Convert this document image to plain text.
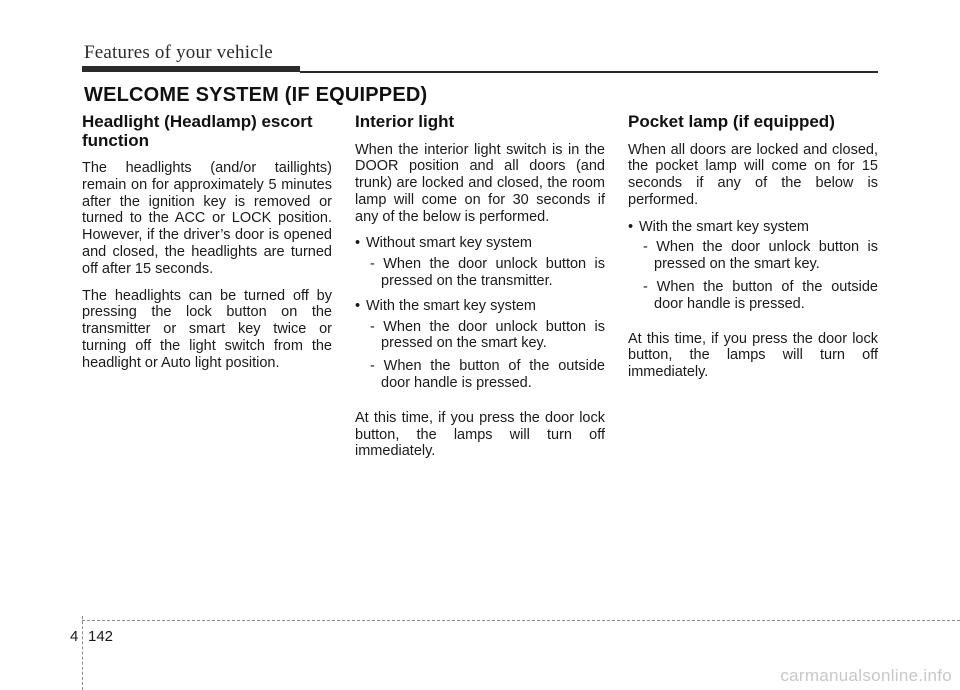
Features of your vehicle
WELCOME SYSTEM (IF EQUIPPED)
Headlight (Headlamp) escort function

The headlights (and/or taillights) remain on for approximately 5 minutes after the ignition key is removed or turned to the ACC or LOCK position. However, if the driver’s door is opened and closed, the headlights are turned off after 15 seconds.

The headlights can be turned off by pressing the lock button on the transmitter or smart key twice or turning off the light switch from the headlight or Auto light position.

Interior light

When the interior light switch is in the DOOR position and all doors (and trunk) are locked and closed, the room lamp will come on for 30 seconds if any of the below is performed.

• Without smart key system
- When the door unlock button is pressed on the transmitter.
• With the smart key system
- When the door unlock button is pressed on the smart key.
- When the button of the outside door handle is pressed.

At this time, if you press the door lock button, the lamps will turn off immediately.

Pocket lamp (if equipped)

When all doors are locked and closed, the pocket lamp will come on for 15 seconds if any of the below is performed.

• With the smart key system
- When the door unlock button is pressed on the smart key.
- When the button of the outside door handle is pressed.

At this time, if you press the door lock button, the lamps will turn off immediately.

4 142
carmanualsonline.info
